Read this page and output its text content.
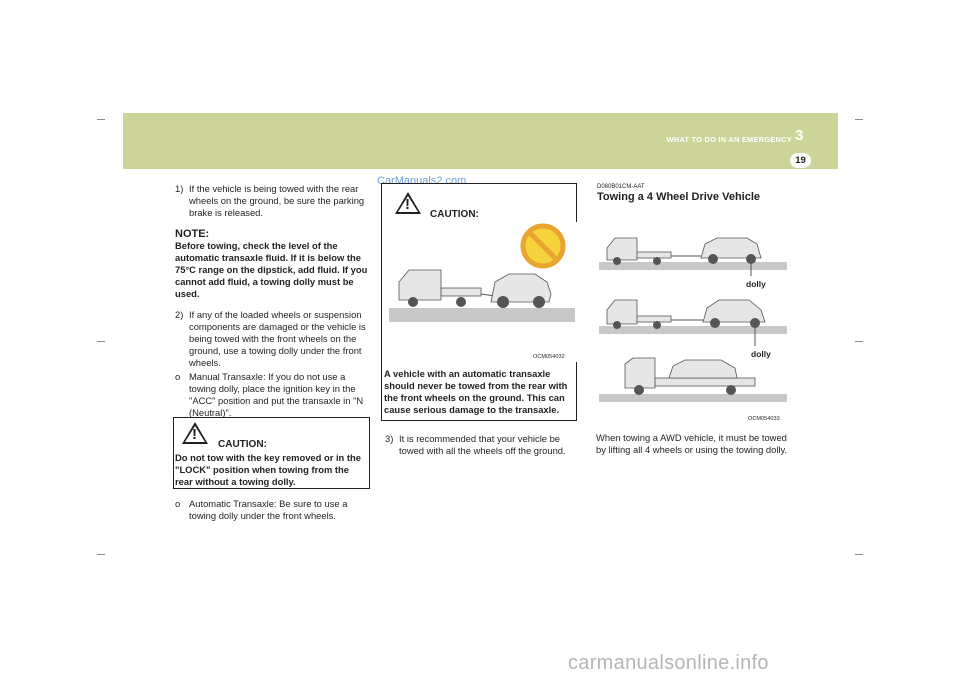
WHAT TO DO IN AN EMERGENCY 3
19
CarManuals2.com
1) If the vehicle is being towed with the rear wheels on the ground, be sure the parking brake is released.
NOTE:
Before towing, check the level of the automatic transaxle fluid. If it is below the 75°C range on the dipstick, add fluid. If you cannot add fluid, a towing dolly must be used.
2) If any of the loaded wheels or suspension components are damaged or the vehicle is being towed with the front wheels on the ground, use a towing dolly under the front wheels.
o Manual Transaxle: If you do not use a towing dolly, place the ignition key in the "ACC" position and put the transaxle in "N (Neutral)".
!
CAUTION:
Do not tow with the key removed or in the "LOCK" position when towing from the rear without a towing dolly.
o Automatic Transaxle: Be sure to use a towing dolly under the front wheels.
!
CAUTION:
OCM054032
A vehicle with an automatic transaxle should never be towed from the rear with the front wheels on the ground. This can cause serious damage to the transaxle.
3) It is recommended that your vehicle be towed with all the wheels off the ground.
D080B01CM-AAT
Towing a 4 Wheel Drive Vehicle
dolly
dolly
OCM054033
When towing a AWD vehicle, it must be towed by lifting all 4 wheels or using the towing dolly.
carmanualsonline.info
